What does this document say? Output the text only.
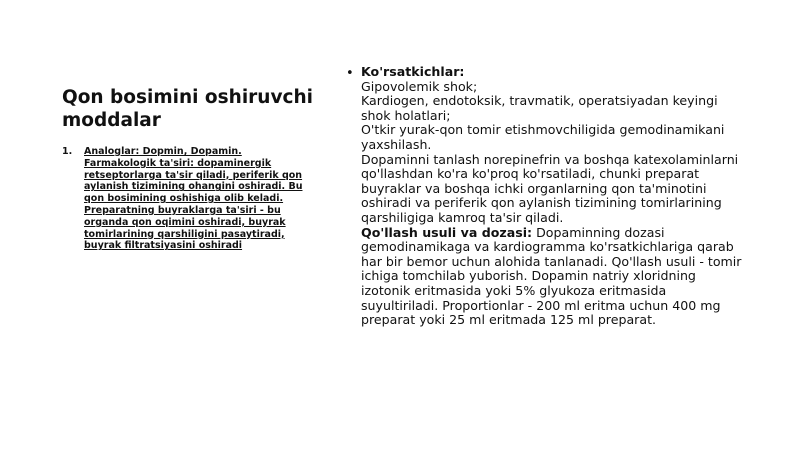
Qon bosimini oshiruvchi moddalar
1. Analoglar: Dopmin, Dopamin. Farmakologik ta'siri: dopaminergik retseptorlarga ta'sir qiladi, periferik qon aylanish tizimining ohangini oshiradi. Bu qon bosimining oshishiga olib keladi. Preparatning buyraklarga ta'siri - bu organda qon oqimini oshiradi, buyrak tomirlarining qarshiligini pasaytiradi, buyrak filtratsiyasini oshiradi
• Ko'rsatkichlar:

Gipovolemik shok;

Kardiogen, endotoksik, travmatik, operatsiyadan keyingi shok holatlari;

O'tkir yurak-qon tomir etishmovchiligida gemodinamikani yaxshilash.

Dopaminni tanlash norepinefrin va boshqa katexolaminlarni qo'llashdan ko'ra ko'proq ko'rsatiladi, chunki preparat buyraklar va boshqa ichki organlarning qon ta'minotini oshiradi va periferik qon aylanish tizimining tomirlarining qarshiligiga kamroq ta'sir qiladi.

Qo'llash usuli va dozasi: Dopaminning dozasi gemodinamikaga va kardiogramma ko'rsatkichlariga qarab har bir bemor uchun alohida tanlanadi. Qo'llash usuli - tomir ichiga tomchilab yuborish. Dopamin natriy xloridning izotonik eritmasida yoki 5% glyukoza eritmasida suyultiriladi. Proportionlar - 200 ml eritma uchun 400 mg preparat yoki 25 ml eritmada 125 ml preparat.
